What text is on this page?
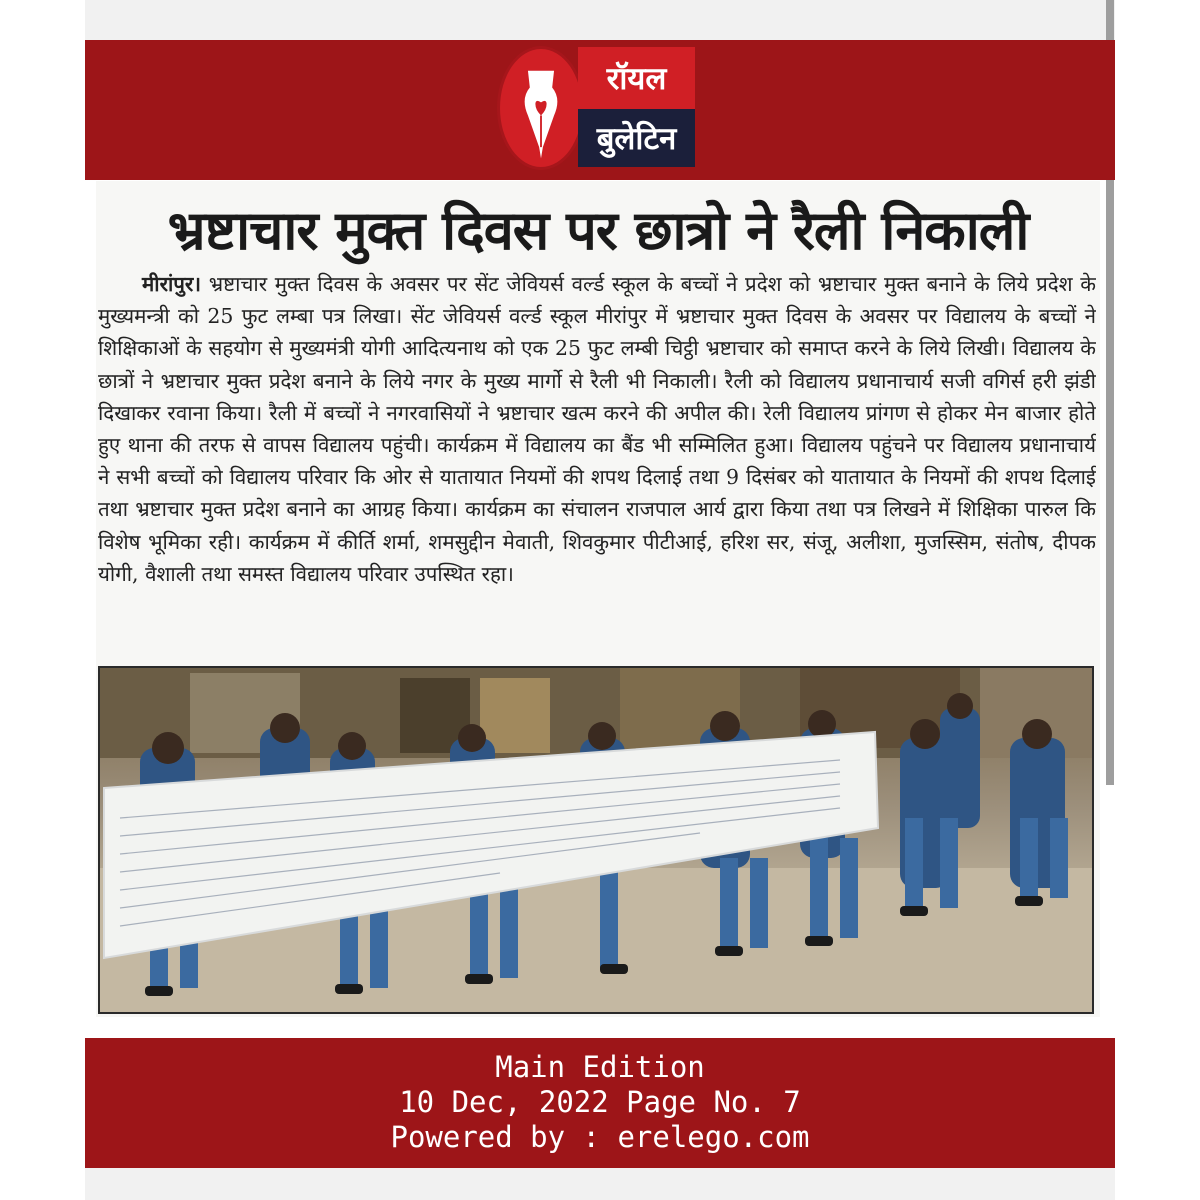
रॉयल
बुलेटिन
भ्रष्टाचार मुक्त दिवस पर छात्रो ने रैली निकाली
मीरांपुर। भ्रष्टाचार मुक्त दिवस के अवसर पर सेंट जेवियर्स वर्ल्ड स्कूल के बच्चों ने प्रदेश को भ्रष्टाचार मुक्त बनाने के लिये प्रदेश के मुख्यमन्त्री को 25 फुट लम्बा पत्र लिखा। सेंट जेवियर्स वर्ल्ड स्कूल मीरांपुर में भ्रष्टाचार मुक्त दिवस के अवसर पर विद्यालय के बच्चों ने शिक्षिकाओं के सहयोग से मुख्यमंत्री योगी आदित्यनाथ को एक 25 फुट लम्बी चिट्ठी भ्रष्टाचार को समाप्त करने के लिये लिखी। विद्यालय के छात्रों ने भ्रष्टाचार मुक्त प्रदेश बनाने के लिये नगर के मुख्य मार्गो से रैली भी निकाली। रैली को विद्यालय प्रधानाचार्य सजी वगिर्स हरी झंडी दिखाकर रवाना किया। रैली में बच्चों ने नगरवासियों ने भ्रष्टाचार खत्म करने की अपील की। रेली विद्यालय प्रांगण से होकर मेन बाजार होते हुए थाना की तरफ से वापस विद्यालय पहुंची। कार्यक्रम में विद्यालय का बैंड भी सम्मिलित हुआ। विद्यालय पहुंचने पर विद्यालय प्रधानाचार्य ने सभी बच्चों को विद्यालय परिवार कि ओर से यातायात नियमों की शपथ दिलाई तथा 9 दिसंबर को यातायात के नियमों की शपथ दिलाई तथा भ्रष्टाचार मुक्त प्रदेश बनाने का आग्रह किया। कार्यक्रम का संचालन राजपाल आर्य द्वारा किया तथा पत्र लिखने में शिक्षिका पारुल कि विशेष भूमिका रही। कार्यक्रम में कीर्ति शर्मा, शमसुद्दीन मेवाती, शिवकुमार पीटीआई, हरिश सर, संजू, अलीशा, मुजस्सिम, संतोष, दीपक योगी, वैशाली तथा समस्त विद्यालय परिवार उपस्थित रहा।
Main Edition
10 Dec, 2022 Page No. 7
Powered by : erelego.com
